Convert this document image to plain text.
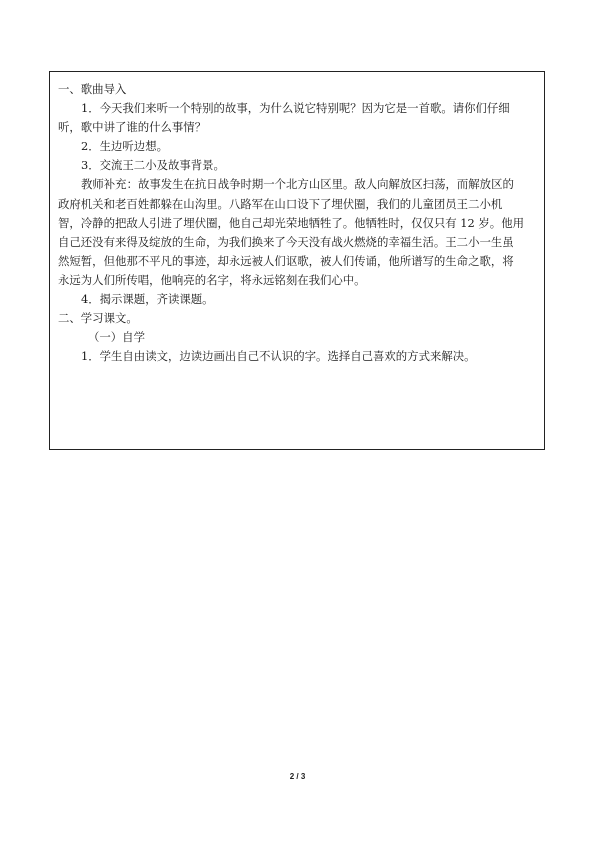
一、歌曲导入
1．今天我们来听一个特别的故事，为什么说它特别呢？因为它是一首歌。请你们仔细
听，歌中讲了谁的什么事情？
2．生边听边想。
3．交流王二小及故事背景。
教师补充：故事发生在抗日战争时期一个北方山区里。敌人向解放区扫荡，而解放区的
政府机关和老百姓都躲在山沟里。八路军在山口设下了埋伏圈，我们的儿童团员王二小机
智，冷静的把敌人引进了埋伏圈，他自己却光荣地牺牲了。他牺牲时，仅仅只有 12 岁。他用
自己还没有来得及绽放的生命，为我们换来了今天没有战火燃烧的幸福生活。王二小一生虽
然短暂，但他那不平凡的事迹，却永远被人们讴歌，被人们传诵，他所谱写的生命之歌，将
永远为人们所传唱，他响亮的名字，将永远铭刻在我们心中。
4．揭示课题，齐读课题。
二、学习课文。
（一）自学
1．学生自由读文，边读边画出自己不认识的字。选择自己喜欢的方式来解决。
2 / 3
